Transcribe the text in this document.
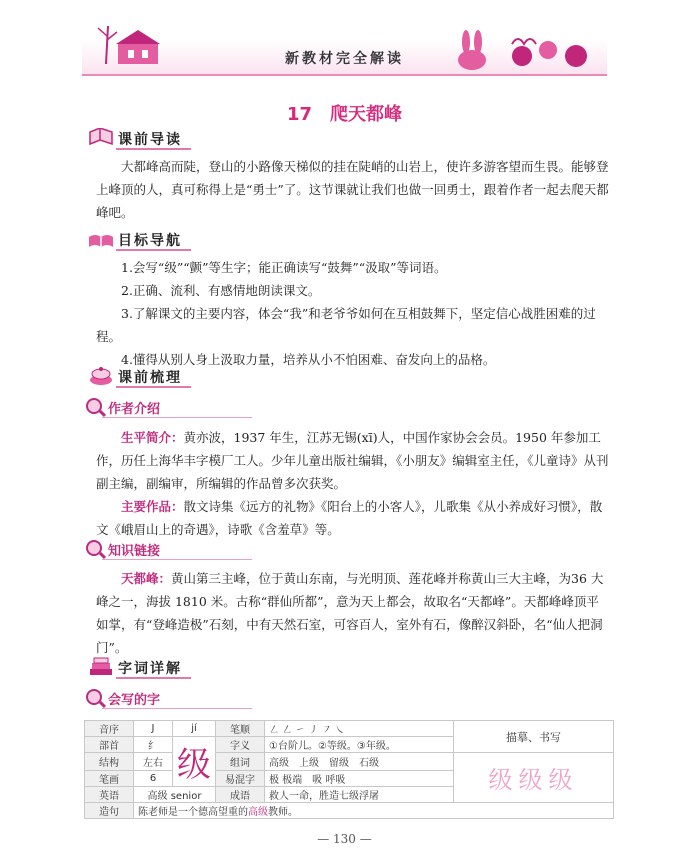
新教材完全解读
17 爬天都峰
课前导读
大都峰高而陡，登山的小路像天梯似的挂在陡峭的山岩上，使许多游客望而生畏。能够登上峰顶的人，真可称得上是“勇士”了。这节课就让我们也做一回勇士，跟着作者一起去爬天都峰吧。
目标导航
1.会写“级”“颤”等生字；能正确读写“鼓舞”“汲取”等词语。
2.正确、流利、有感情地朗读课文。
3.了解课文的主要内容，体会“我”和老爷爷如何在互相鼓舞下，坚定信心战胜困难的过程。
4.懂得从别人身上汲取力量，培养从小不怕困难、奋发向上的品格。
课前梳理
作者介绍
生平简介：黄亦波，1937 年生，江苏无锡(xī)人，中国作家协会会员。1950 年参加工作，历任上海华丰字模厂工人。少年儿童出版社编辑，《小朋友》编辑室主任，《儿童诗》从刊副主编，副编审，所编辑的作品曾多次获奖。
主要作品：散文诗集《远方的礼物》《阳台上的小客人》，儿歌集《从小养成好习惯》，散文《峨眉山上的奇遇》，诗歌《含羞草》等。
知识链接
天都峰：黄山第三主峰，位于黄山东南，与光明顶、莲花峰并称黄山三大主峰，为36 大峰之一，海拔 1810 米。古称“群仙所都”，意为天上都会，故取名“天都峰”。天都峰峰顶平如掌，有“登峰造极”石刻，中有天然石室，可容百人，室外有石，像醉汉斜卧，名“仙人把洞门”。
字词详解
会写的字
音序	J	jí	笔顺	㇜ ㇜ ㇀ ㇓ ㇇ ㇏	描摹、书写
部首	纟	级	字义	①台阶儿。②等级。③年级。	
结构	左右		组词	高级　上级　留级　石级	级级级
笔画	6		易混字	极 极端　吸 呼吸	
英语	高级 senior		成语	救人一命，胜造七级浮屠	
造句	陈老师是一个德高望重的高级教师。				
— 130 —
